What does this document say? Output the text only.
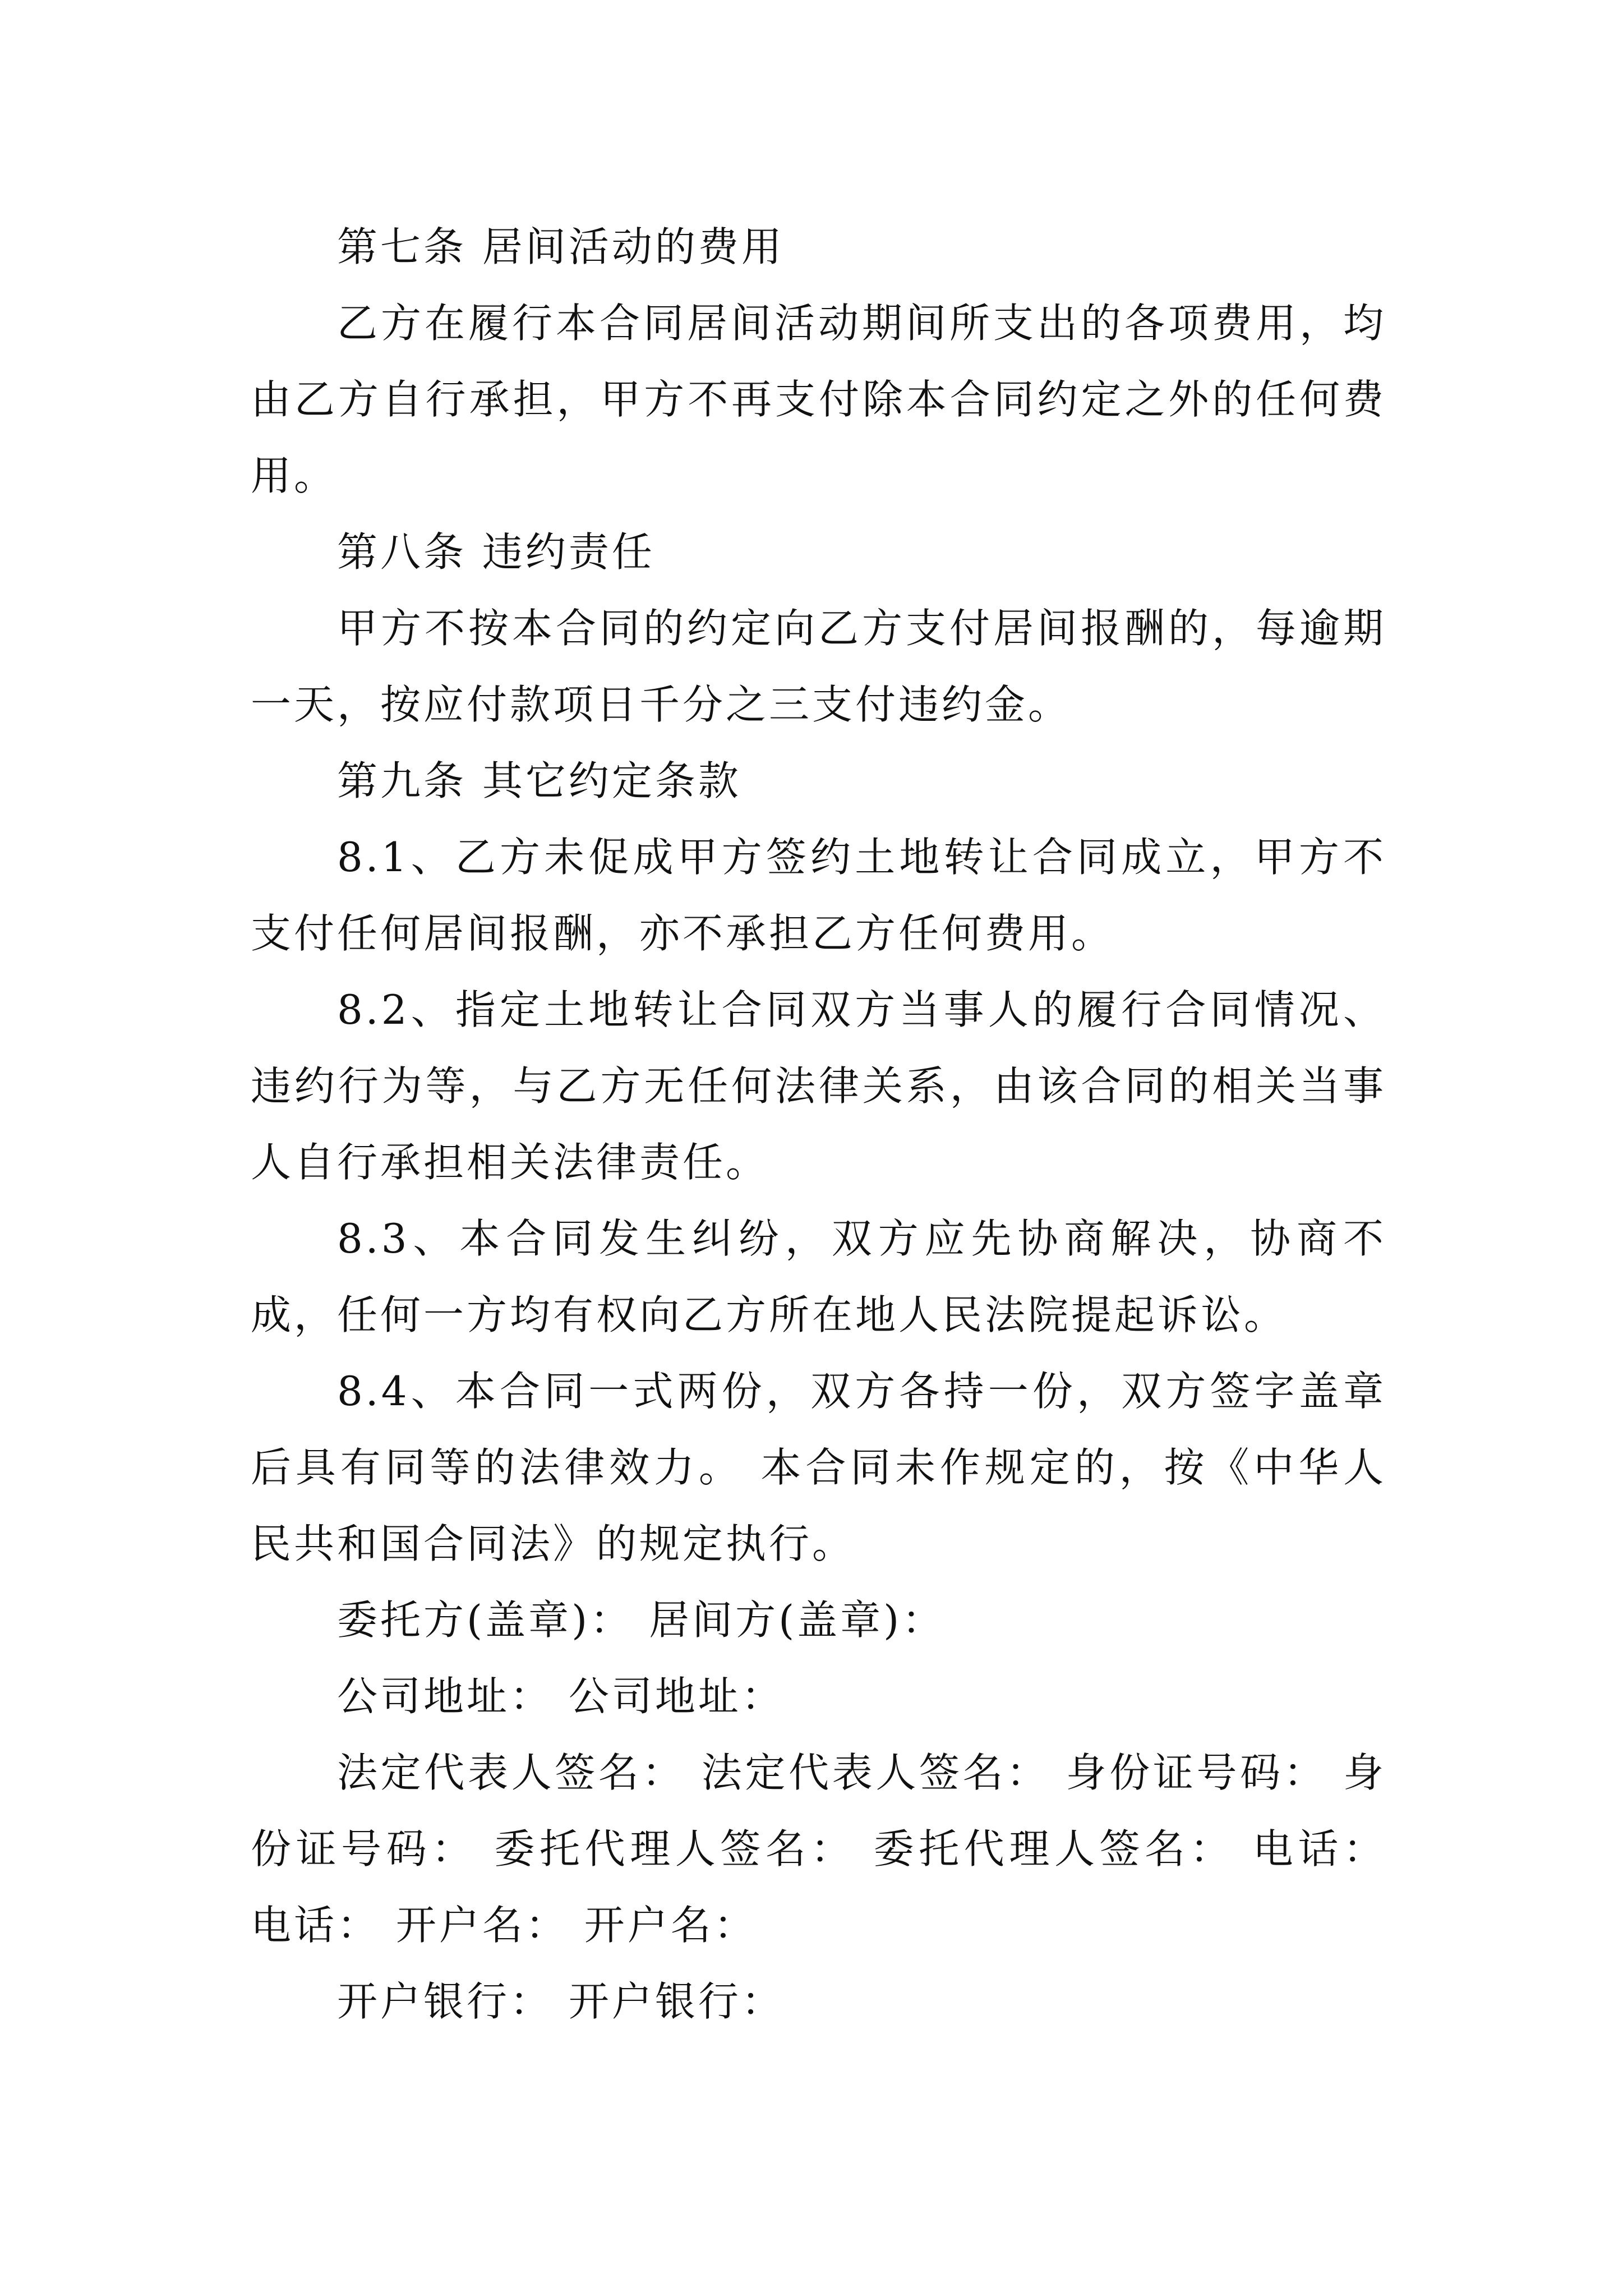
第七条 居间活动的费用

乙方在履行本合同居间活动期间所支出的各项费用，均由乙方自行承担，甲方不再支付除本合同约定之外的任何费用。

第八条 违约责任

甲方不按本合同的约定向乙方支付居间报酬的，每逾期一天，按应付款项日千分之三支付违约金。

第九条 其它约定条款

8.1、乙方未促成甲方签约土地转让合同成立，甲方不支付任何居间报酬，亦不承担乙方任何费用。

8.2、指定土地转让合同双方当事人的履行合同情况、违约行为等，与乙方无任何法律关系，由该合同的相关当事人自行承担相关法律责任。

8.3、本合同发生纠纷，双方应先协商解决，协商不成，任何一方均有权向乙方所在地人民法院提起诉讼。

8.4、本合同一式两份，双方各持一份，双方签字盖章后具有同等的法律效力。 本合同未作规定的，按《中华人民共和国合同法》的规定执行。

委托方(盖章)： 居间方(盖章)：

公司地址： 公司地址：

法定代表人签名： 法定代表人签名： 身份证号码： 身份证号码： 委托代理人签名： 委托代理人签名： 电话： 电话： 开户名： 开户名：

开户银行： 开户银行：
